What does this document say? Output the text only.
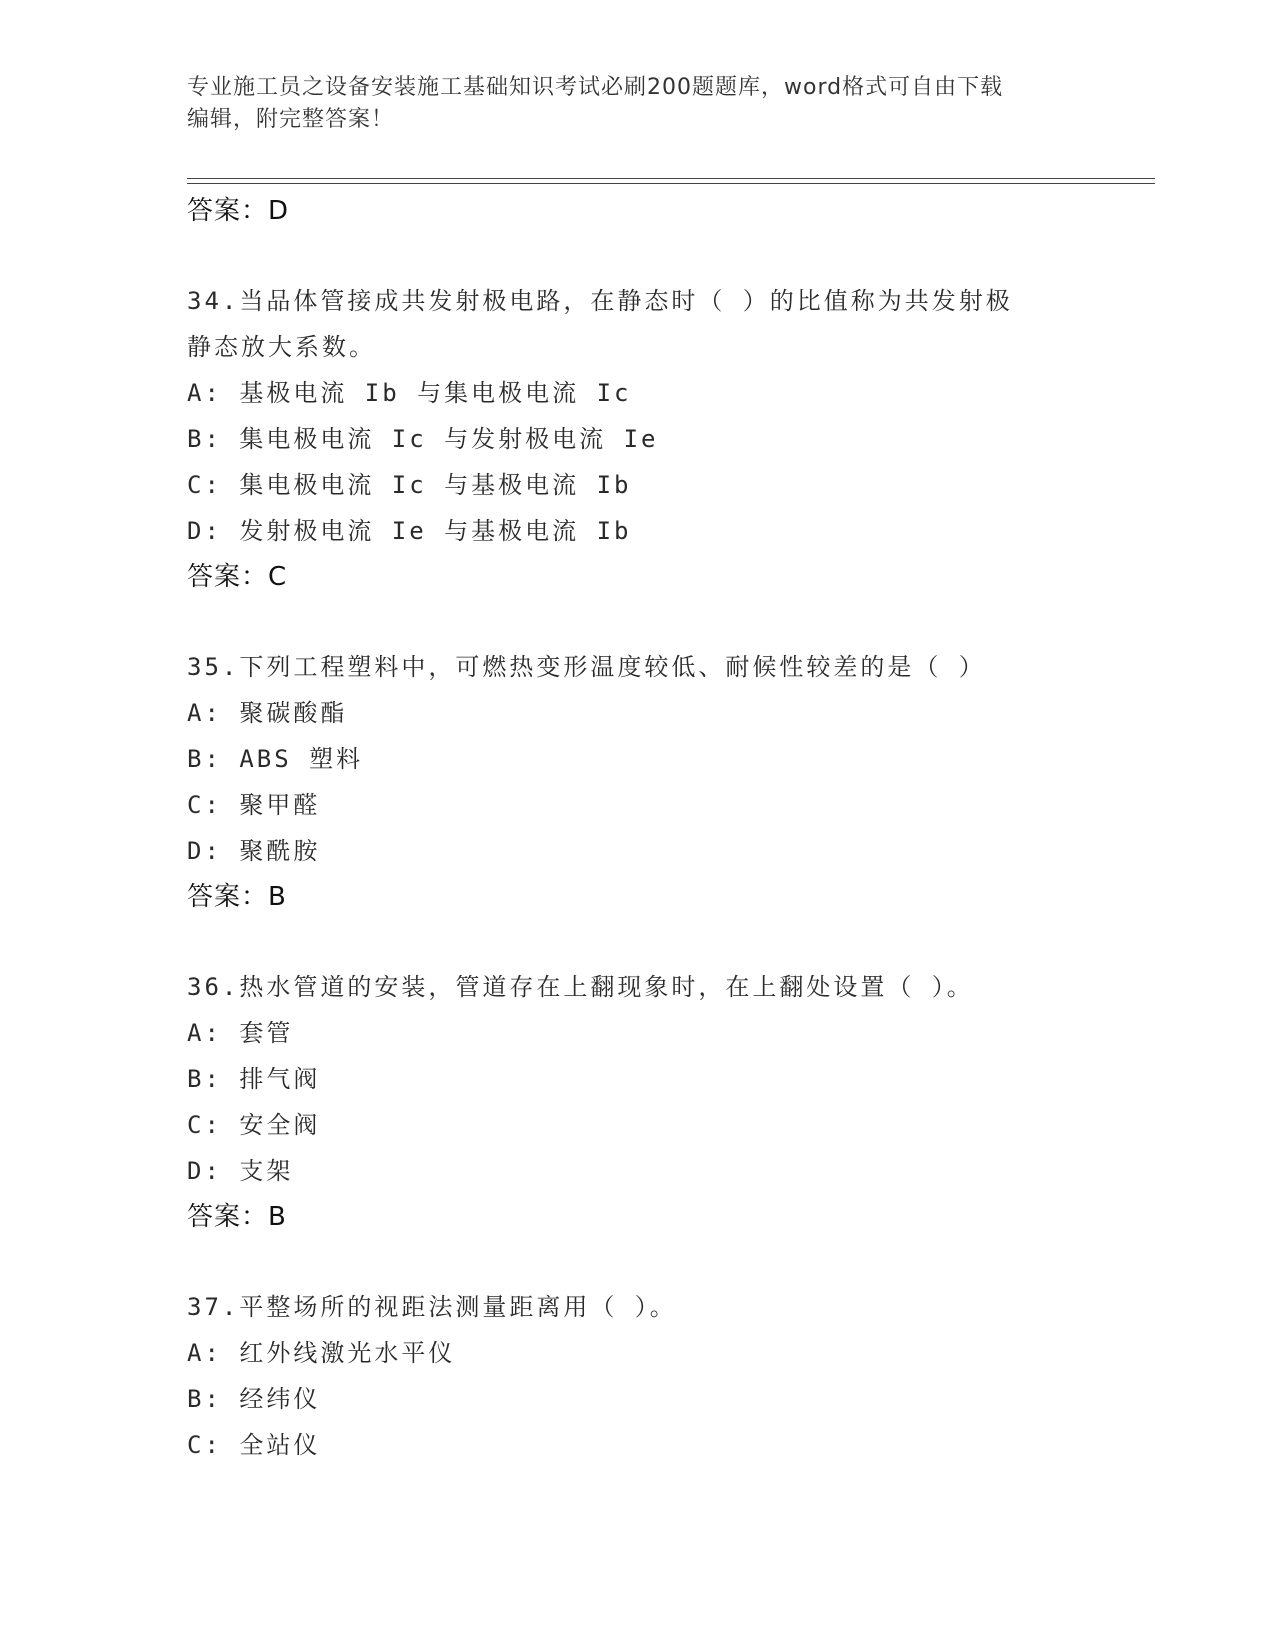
专业施工员之设备安装施工基础知识考试必刷200题题库，word格式可自由下载
编辑，附完整答案！
答案：D
34.当品体管接成共发射极电路，在静态时（ ）的比值称为共发射极
静态放大系数。
A: 基极电流 Ib 与集电极电流 Ic
B: 集电极电流 Ic 与发射极电流 Ie
C: 集电极电流 Ic 与基极电流 Ib
D: 发射极电流 Ie 与基极电流 Ib
答案：C
35.下列工程塑料中，可燃热变形温度较低、耐候性较差的是（ ）
A: 聚碳酸酯
B: ABS 塑料
C: 聚甲醛
D: 聚酰胺
答案：B
36.热水管道的安装，管道存在上翻现象时，在上翻处设置（ ）。
A: 套管
B: 排气阀
C: 安全阀
D: 支架
答案：B
37.平整场所的视距法测量距离用（ ）。
A: 红外线激光水平仪
B: 经纬仪
C: 全站仪
